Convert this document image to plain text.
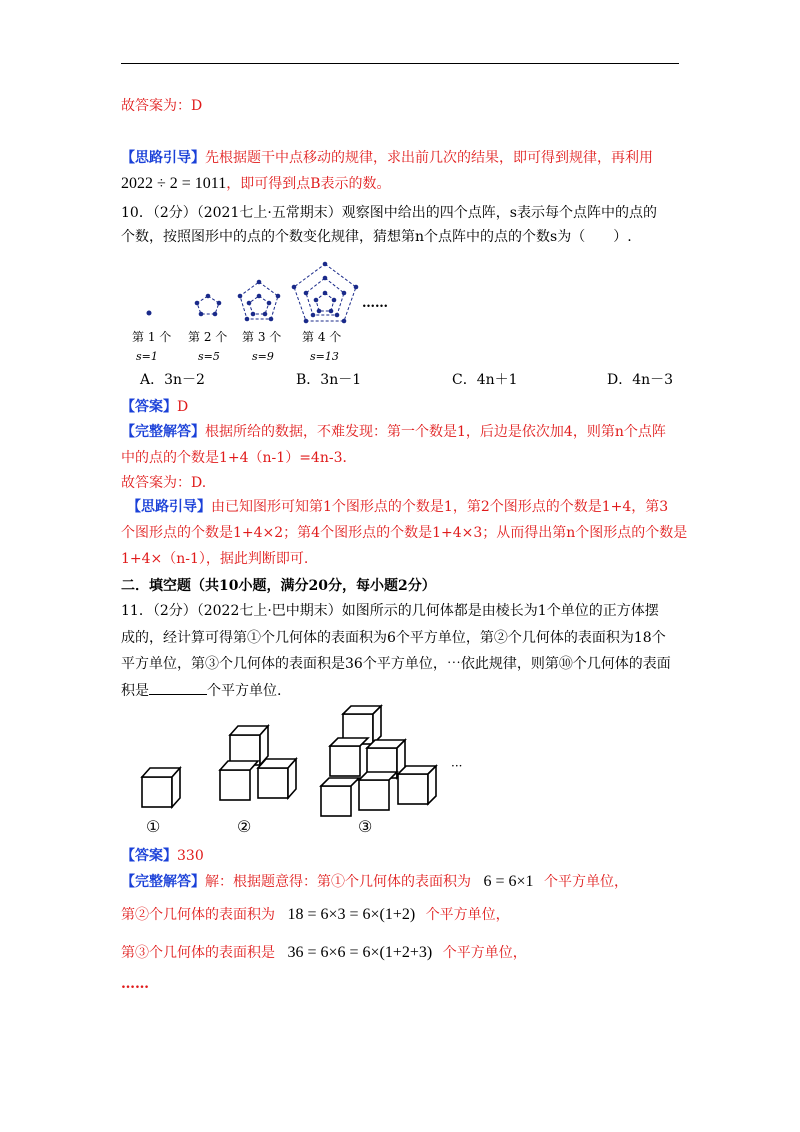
故答案为：D
【思路引导】先根据题干中点移动的规律，求出前几次的结果，即可得到规律，再利用
2022 ÷ 2 = 1011，即可得到点B表示的数。
10．（2分）（2021七上·五常期末）观察图中给出的四个点阵，s表示每个点阵中的点的
个数，按照图形中的点的个数变化规律，猜想第n个点阵中的点的个数s为（　　）.
……
第 1 个 第 2 个 第 3 个 第 4 个
s=1	s=5	s=9	s=13
A．3n－2	B．3n－1	C．4n＋1	D．4n－3
【答案】D
【完整解答】根据所给的数据，不难发现：第一个数是1，后边是依次加4，则第n个点阵
中的点的个数是1+4（n-1）=4n-3．
故答案为：D.
【思路引导】由已知图形可知第1个图形点的个数是1，第2个图形点的个数是1+4，第3
个图形点的个数是1+4×2；第4个图形点的个数是1+4×3；从而得出第n个图形点的个数是
1+4×（n-1），据此判断即可.
二．填空题（共10小题，满分20分，每小题2分）
11．（2分）（2022七上·巴中期末）如图所示的几何体都是由棱长为1个单位的正方体摆
成的，经计算可得第①个几何体的表面积为6个平方单位，第②个几何体的表面积为18个
平方单位，第③个几何体的表面积是36个平方单位，⋯依此规律，则第⑩个几何体的表面
积是	个平方单位.
···
①	②	③
【答案】330
【完整解答】解：根据题意得：第①个几何体的表面积为 6 = 6×1 个平方单位，
第②个几何体的表面积为 18 = 6×3 = 6×(1+2) 个平方单位，
第③个几何体的表面积是 36 = 6×6 = 6×(1+2+3) 个平方单位，
……
